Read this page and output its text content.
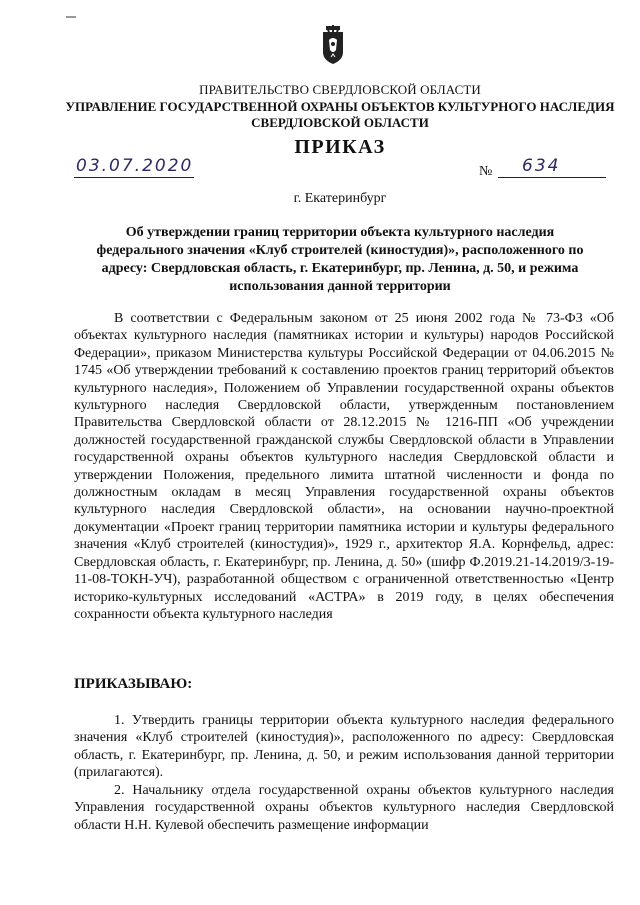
ПРАВИТЕЛЬСТВО СВЕРДЛОВСКОЙ ОБЛАСТИ
УПРАВЛЕНИЕ ГОСУДАРСТВЕННОЙ ОХРАНЫ ОБЪЕКТОВ КУЛЬТУРНОГО НАСЛЕДИЯ
СВЕРДЛОВСКОЙ ОБЛАСТИ
ПРИКАЗ
03.07.2020	№ 634
г. Екатеринбург
Об утверждении границ территории объекта культурного наследия федерального значения «Клуб строителей (киностудия)», расположенного по адресу: Свердловская область, г. Екатеринбург, пр. Ленина, д. 50, и режима использования данной территории
В соответствии с Федеральным законом от 25 июня 2002 года № 73-ФЗ «Об объектах культурного наследия (памятниках истории и культуры) народов Российской Федерации», приказом Министерства культуры Российской Федерации от 04.06.2015 № 1745 «Об утверждении требований к составлению проектов границ территорий объектов культурного наследия», Положением об Управлении государственной охраны объектов культурного наследия Свердловской области, утвержденным постановлением Правительства Свердловской области от 28.12.2015 № 1216-ПП «Об учреждении должностей государственной гражданской службы Свердловской области в Управлении государственной охраны объектов культурного наследия Свердловской области и утверждении Положения, предельного лимита штатной численности и фонда по должностным окладам в месяц Управления государственной охраны объектов культурного наследия Свердловской области», на основании научно-проектной документации «Проект границ территории памятника истории и культуры федерального значения «Клуб строителей (киностудия)», 1929 г., архитектор Я.А. Корнфельд, адрес: Свердловская область, г. Екатеринбург, пр. Ленина, д. 50» (шифр Ф.2019.21-14.2019/3-19-11-08-ТОКН-УЧ), разработанной обществом с ограниченной ответственностью «Центр историко-культурных исследований «АСТРА» в 2019 году, в целях обеспечения сохранности объекта культурного наследия
ПРИКАЗЫВАЮ:
1. Утвердить границы территории объекта культурного наследия федерального значения «Клуб строителей (киностудия)», расположенного по адресу: Свердловская область, г. Екатеринбург, пр. Ленина, д. 50, и режим использования данной территории (прилагаются).
2. Начальнику отдела государственной охраны объектов культурного наследия Управления государственной охраны объектов культурного наследия Свердловской области Н.Н. Кулевой обеспечить размещение информации
